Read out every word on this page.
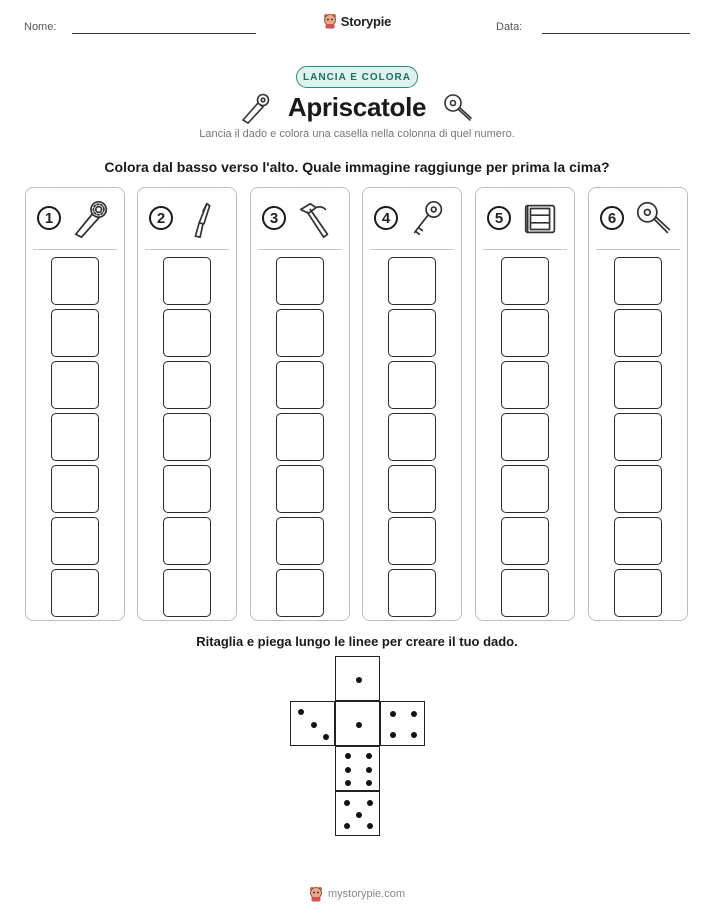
Nome:	Storypie	Data:
LANCIA E COLORA
Apriscatole
Lancia il dado e colora una casella nella colonna di quel numero.
Colora dal basso verso l'alto. Quale immagine raggiunge per prima la cima?
1	2	3	4	5	6
Ritaglia e piega lungo le linee per creare il tuo dado.
mystorypie.com
